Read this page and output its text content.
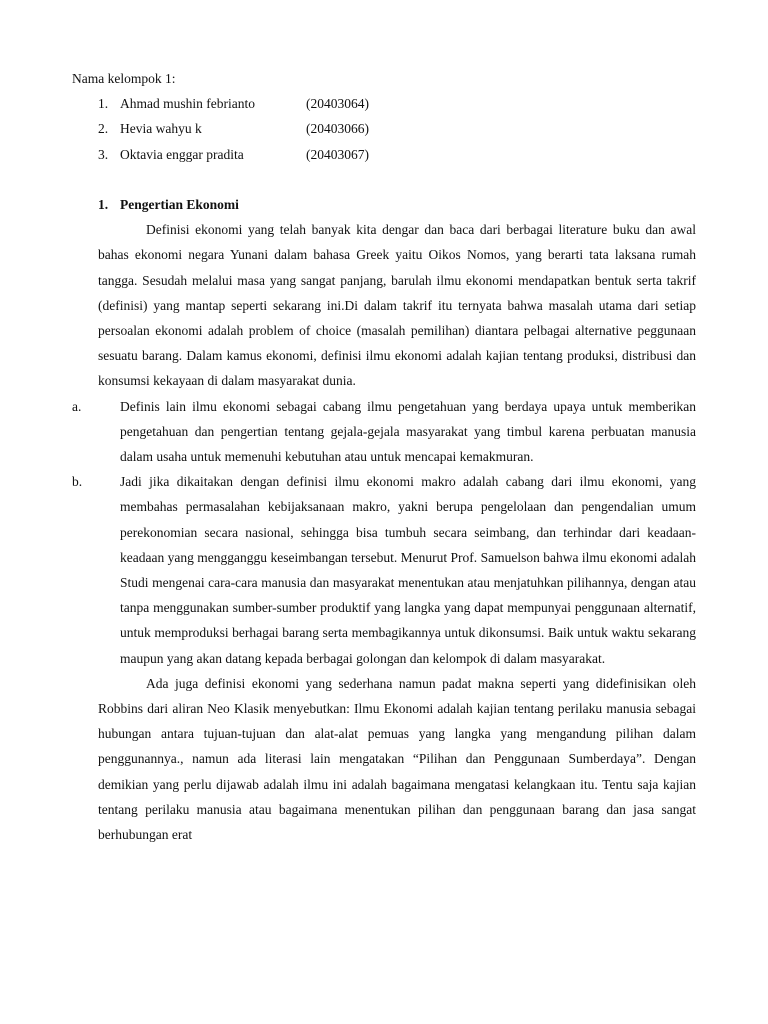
Nama kelompok 1:
1. Ahmad mushin febrianto	(20403064)
2. Hevia wahyu k	(20403066)
3. Oktavia enggar pradita	(20403067)
1. Pengertian Ekonomi

Definisi ekonomi yang telah banyak kita dengar dan baca dari berbagai literature buku dan awal bahas ekonomi negara Yunani dalam bahasa Greek yaitu Oikos Nomos, yang berarti tata laksana rumah tangga. Sesudah melalui masa yang sangat panjang, barulah ilmu ekonomi mendapatkan bentuk serta takrif (definisi) yang mantap seperti sekarang ini.Di dalam takrif itu ternyata bahwa masalah utama dari setiap persoalan ekonomi adalah problem of choice (masalah pemilihan) diantara pelbagai alternative peggunaan sesuatu barang. Dalam kamus ekonomi, definisi ilmu ekonomi adalah kajian tentang produksi, distribusi dan konsumsi kekayaan di dalam masyarakat dunia.

a.	Definis lain ilmu ekonomi sebagai cabang ilmu pengetahuan yang berdaya upaya untuk memberikan pengetahuan dan pengertian tentang gejala-gejala masyarakat yang timbul karena perbuatan manusia dalam usaha untuk memenuhi kebutuhan atau untuk mencapai kemakmuran.
b.	Jadi jika dikaitakan dengan definisi ilmu ekonomi makro adalah cabang dari ilmu ekonomi, yang membahas permasalahan kebijaksanaan makro, yakni berupa pengelolaan dan pengendalian umum perekonomian secara nasional, sehingga bisa tumbuh secara seimbang, dan terhindar dari keadaan-keadaan yang mengganggu keseimbangan tersebut. Menurut Prof. Samuelson bahwa ilmu ekonomi adalah Studi mengenai cara-cara manusia dan masyarakat menentukan atau menjatuhkan pilihannya, dengan atau tanpa menggunakan sumber-sumber produktif yang langka yang dapat mempunyai penggunaan alternatif, untuk memproduksi berhagai barang serta membagikannya untuk dikonsumsi. Baik untuk waktu sekarang maupun yang akan datang kepada berbagai golongan dan kelompok di dalam masyarakat.

Ada juga definisi ekonomi yang sederhana namun padat makna seperti yang didefinisikan oleh Robbins dari aliran Neo Klasik menyebutkan: Ilmu Ekonomi adalah kajian tentang perilaku manusia sebagai hubungan antara tujuan-tujuan dan alat-alat pemuas yang langka yang mengandung pilihan dalam penggunannya., namun ada literasi lain mengatakan “Pilihan dan Penggunaan Sumberdaya”. Dengan demikian yang perlu dijawab adalah ilmu ini adalah bagaimana mengatasi kelangkaan itu. Tentu saja kajian tentang perilaku manusia atau bagaimana menentukan pilihan dan penggunaan barang dan jasa sangat berhubungan erat
